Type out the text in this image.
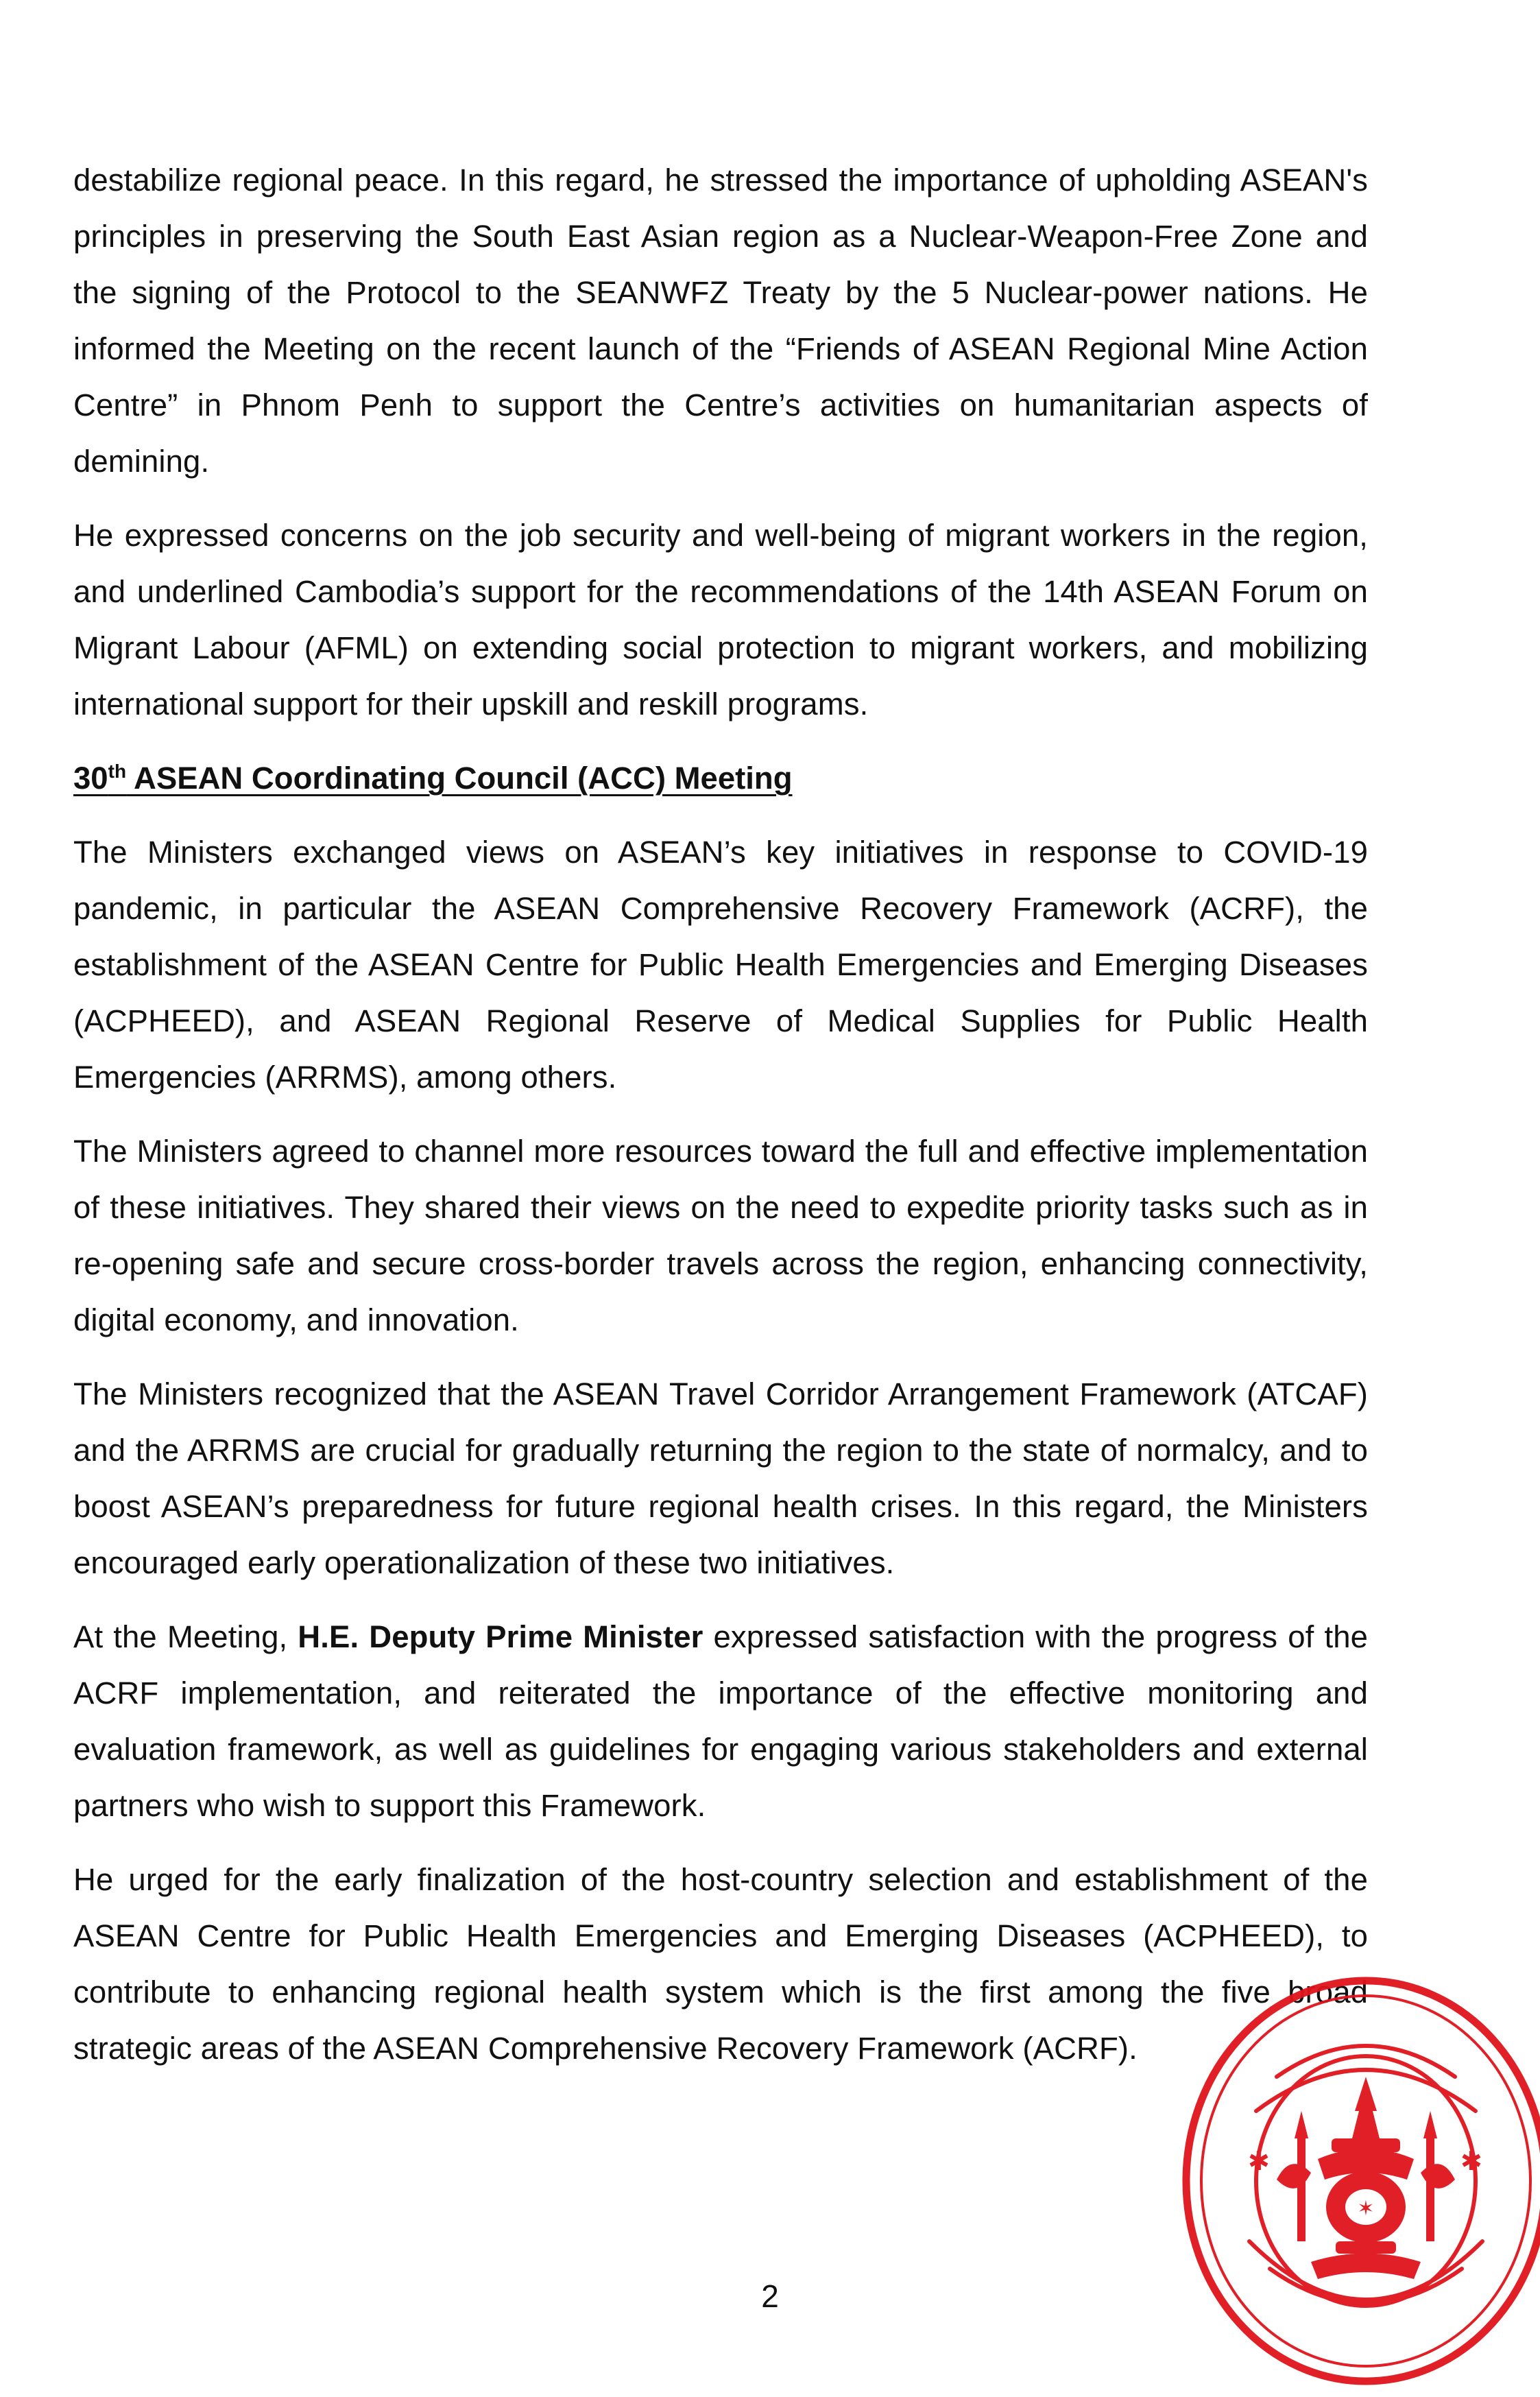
destabilize regional peace. In this regard, he stressed the importance of upholding ASEAN's principles in preserving the South East Asian region as a Nuclear-Weapon-Free Zone and the signing of the Protocol to the SEANWFZ Treaty by the 5 Nuclear-power nations. He informed the Meeting on the recent launch of the “Friends of ASEAN Regional Mine Action Centre” in Phnom Penh to support the Centre’s activities on humanitarian aspects of demining.

He expressed concerns on the job security and well-being of migrant workers in the region, and underlined Cambodia’s support for the recommendations of the 14th ASEAN Forum on Migrant Labour (AFML) on extending social protection to migrant workers, and mobilizing international support for their upskill and reskill programs.

30th ASEAN Coordinating Council (ACC) Meeting

The Ministers exchanged views on ASEAN’s key initiatives in response to COVID-19 pandemic, in particular the ASEAN Comprehensive Recovery Framework (ACRF), the establishment of the ASEAN Centre for Public Health Emergencies and Emerging Diseases (ACPHEED), and ASEAN Regional Reserve of Medical Supplies for Public Health Emergencies (ARRMS), among others.

The Ministers agreed to channel more resources toward the full and effective implementation of these initiatives. They shared their views on the need to expedite priority tasks such as in re-opening safe and secure cross-border travels across the region, enhancing connectivity, digital economy, and innovation.

The Ministers recognized that the ASEAN Travel Corridor Arrangement Framework (ATCAF) and the ARRMS are crucial for gradually returning the region to the state of normalcy, and to boost ASEAN’s preparedness for future regional health crises. In this regard, the Ministers encouraged early operationalization of these two initiatives.

At the Meeting, H.E. Deputy Prime Minister expressed satisfaction with the progress of the ACRF implementation, and reiterated the importance of the effective monitoring and evaluation framework, as well as guidelines for engaging various stakeholders and external partners who wish to support this Framework.

He urged for the early finalization of the host-country selection and establishment of the ASEAN Centre for Public Health Emergencies and Emerging Diseases (ACPHEED), to contribute to enhancing regional health system which is the first among the five broad strategic areas of the ASEAN Comprehensive Recovery Framework (ACRF).

2
✱	✱
✶
